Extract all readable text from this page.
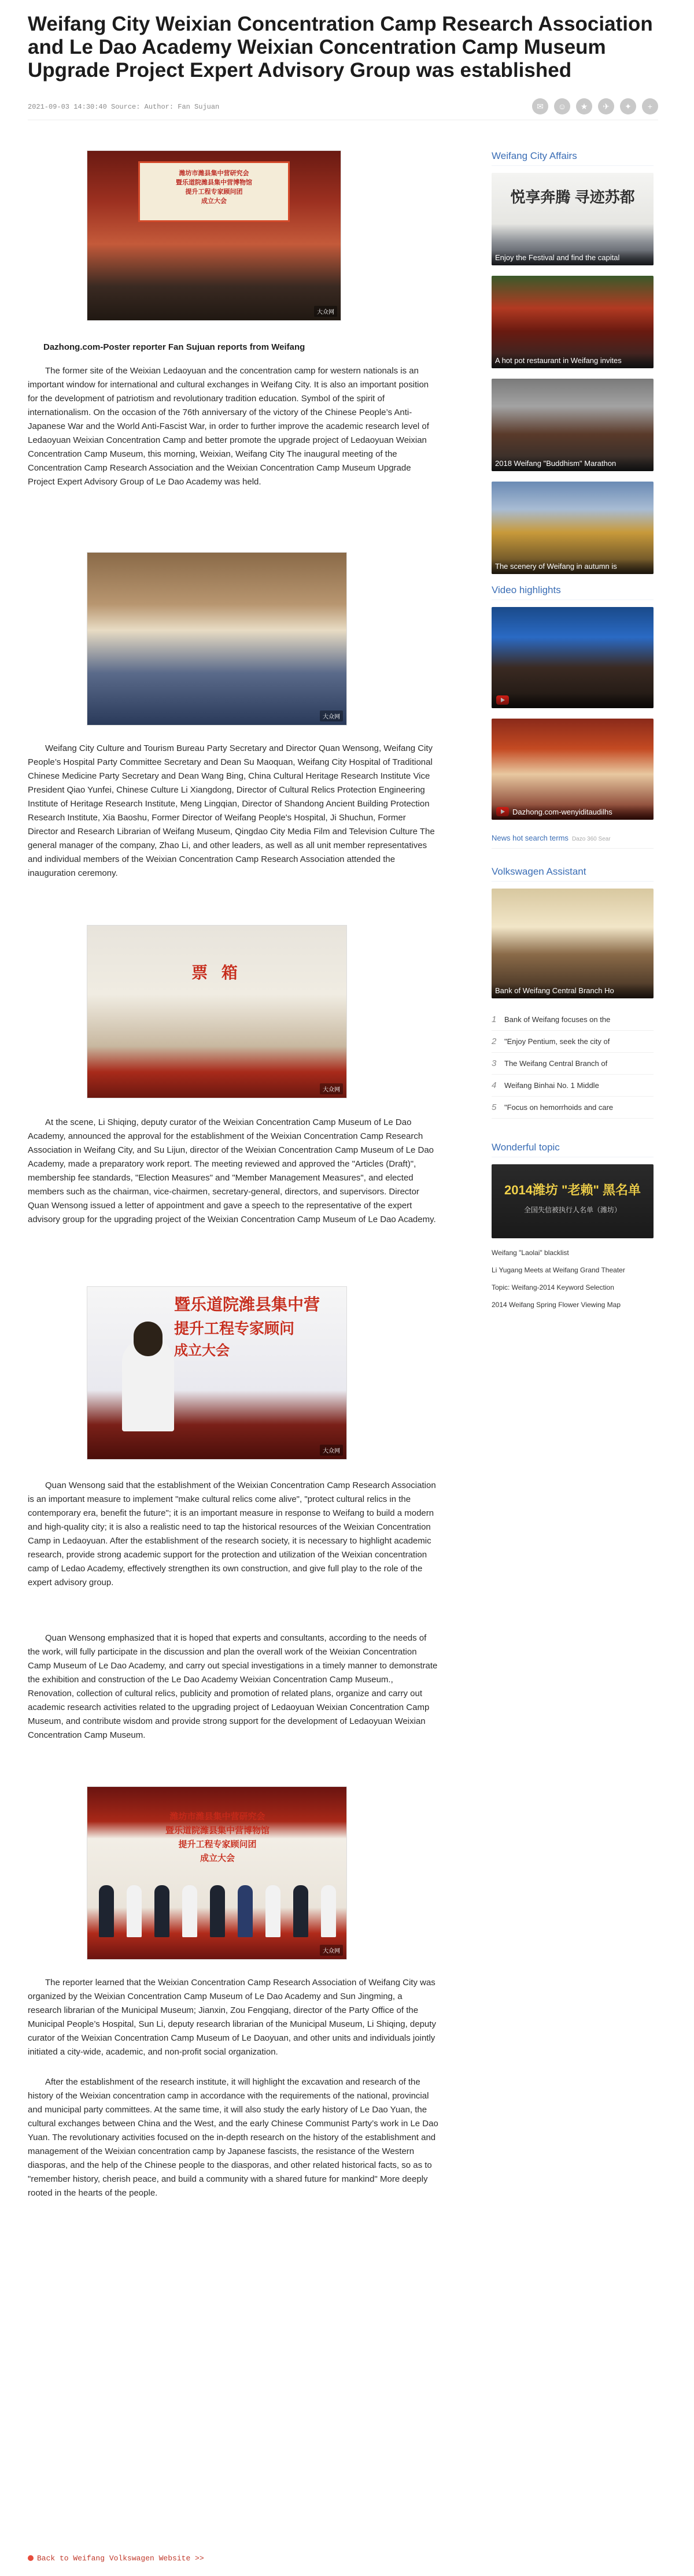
Weifang City Weixian Concentration Camp Research Association and Le Dao Academy Weixian Concentration Camp Museum Upgrade Project Expert Advisory Group was established
2021-09-03 14:30:40 Source: Author: Fan Sujuan	✉	☺	★	✈	✦	+
潍坊市潍县集中营研究会
暨乐道院潍县集中营博物馆
提升工程专家顾问团
成立大会
大众网
Dazhong.com-Poster reporter Fan Sujuan reports from Weifang

The former site of the Weixian Ledaoyuan and the concentration camp for western nationals is an important window for international and cultural exchanges in Weifang City. It is also an important position for the development of patriotism and revolutionary tradition education. Symbol of the spirit of internationalism. On the occasion of the 76th anniversary of the victory of the Chinese People’s Anti-Japanese War and the World Anti-Fascist War, in order to further improve the academic research level of Ledaoyuan Weixian Concentration Camp and better promote the upgrade project of Ledaoyuan Weixian Concentration Camp Museum, this morning, Weixian, Weifang City The inaugural meeting of the Concentration Camp Research Association and the Weixian Concentration Camp Museum Upgrade Project Expert Advisory Group of Le Dao Academy was held.

大众网

Weifang City Culture and Tourism Bureau Party Secretary and Director Quan Wensong, Weifang City People’s Hospital Party Committee Secretary and Dean Su Maoquan, Weifang City Hospital of Traditional Chinese Medicine Party Secretary and Dean Wang Bing, China Cultural Heritage Research Institute Vice President Qiao Yunfei, Chinese Culture Li Xiangdong, Director of Cultural Relics Protection Engineering Institute of Heritage Research Institute, Meng Lingqian, Director of Shandong Ancient Building Protection Research Institute, Xia Baoshu, Former Director of Weifang People's Hospital, Ji Shuchun, Former Director and Research Librarian of Weifang Museum, Qingdao City Media Film and Television Culture The general manager of the company, Zhao Li, and other leaders, as well as all unit member representatives and individual members of the Weixian Concentration Camp Research Association attended the inauguration ceremony.

票 箱
大众网

At the scene, Li Shiqing, deputy curator of the Weixian Concentration Camp Museum of Le Dao Academy, announced the approval for the establishment of the Weixian Concentration Camp Research Association in Weifang City, and Su Lijun, director of the Weixian Concentration Camp Museum of Le Dao Academy, made a preparatory work report. The meeting reviewed and approved the "Articles (Draft)", membership fee standards, "Election Measures" and "Member Management Measures", and elected members such as the chairman, vice-chairmen, secretary-general, directors, and supervisors. Director Quan Wensong issued a letter of appointment and gave a speech to the representative of the expert advisory group for the upgrading project of the Weixian Concentration Camp Museum of Le Dao Academy.

暨乐道院潍县集中营
提升工程专家顾问
成立大会
大众网

Quan Wensong said that the establishment of the Weixian Concentration Camp Research Association is an important measure to implement "make cultural relics come alive", "protect cultural relics in the contemporary era, benefit the future"; it is an important measure in response to Weifang to build a modern and high-quality city; it is also a realistic need to tap the historical resources of the Weixian Concentration Camp in Ledaoyuan. After the establishment of the research society, it is necessary to highlight academic research, provide strong academic support for the protection and utilization of the Weixian concentration camp of Ledao Academy, effectively strengthen its own construction, and give full play to the role of the expert advisory group.

Quan Wensong emphasized that it is hoped that experts and consultants, according to the needs of the work, will fully participate in the discussion and plan the overall work of the Weixian Concentration Camp Museum of Le Dao Academy, and carry out special investigations in a timely manner to demonstrate the exhibition and construction of the Le Dao Academy Weixian Concentration Camp Museum., Renovation, collection of cultural relics, publicity and promotion of related plans, organize and carry out academic research activities related to the upgrading project of Ledaoyuan Weixian Concentration Camp Museum, and contribute wisdom and provide strong support for the development of Ledaoyuan Weixian Concentration Camp Museum.

潍坊市潍县集中营研究会
暨乐道院潍县集中营博物馆
提升工程专家顾问团
成立大会
大众网

The reporter learned that the Weixian Concentration Camp Research Association of Weifang City was organized by the Weixian Concentration Camp Museum of Le Dao Academy and Sun Jingming, a research librarian of the Municipal Museum; Jianxin, Zou Fengqiang, director of the Party Office of the Municipal People’s Hospital, Sun Li, deputy research librarian of the Municipal Museum, Li Shiqing, deputy curator of the Weixian Concentration Camp Museum of Le Daoyuan, and other units and individuals jointly initiated a city-wide, academic, and non-profit social organization.

After the establishment of the research institute, it will highlight the excavation and research of the history of the Weixian concentration camp in accordance with the requirements of the national, provincial and municipal party committees. At the same time, it will also study the early history of Le Dao Yuan, the cultural exchanges between China and the West, and the early Chinese Communist Party’s work in Le Dao Yuan. The revolutionary activities focused on the in-depth research on the history of the establishment and management of the Weixian concentration camp by Japanese fascists, the resistance of the Western diasporas, and the help of the Chinese people to the diasporas, and other related historical facts, so as to "remember history, cherish peace, and build a community with a shared future for mankind" More deeply rooted in the hearts of the people.

Back to Weifang Volkswagen Website >>
Weifang City Affairs
悦享奔腾 寻迹苏都
Enjoy the Festival and find the capital
A hot pot restaurant in Weifang invites
2018 Weifang "Buddhism" Marathon
The scenery of Weifang in autumn is
Video highlights
Dazhong.com-wenyiditaudilhs
News hot search terms Dazo 360 Sear
Volkswagen Assistant
Bank of Weifang Central Branch Ho
1 Bank of Weifang focuses on the
2 "Enjoy Pentium, seek the city of
3 The Weifang Central Branch of
4 Weifang Binhai No. 1 Middle
5 "Focus on hemorrhoids and care
Wonderful topic
2014潍坊 "老赖" 黑名单
全国失信被执行人名单（潍坊）
Weifang "Laolai" blacklist
Li Yugang Meets at Weifang Grand Theater
Topic: Weifang-2014 Keyword Selection
2014 Weifang Spring Flower Viewing Map
